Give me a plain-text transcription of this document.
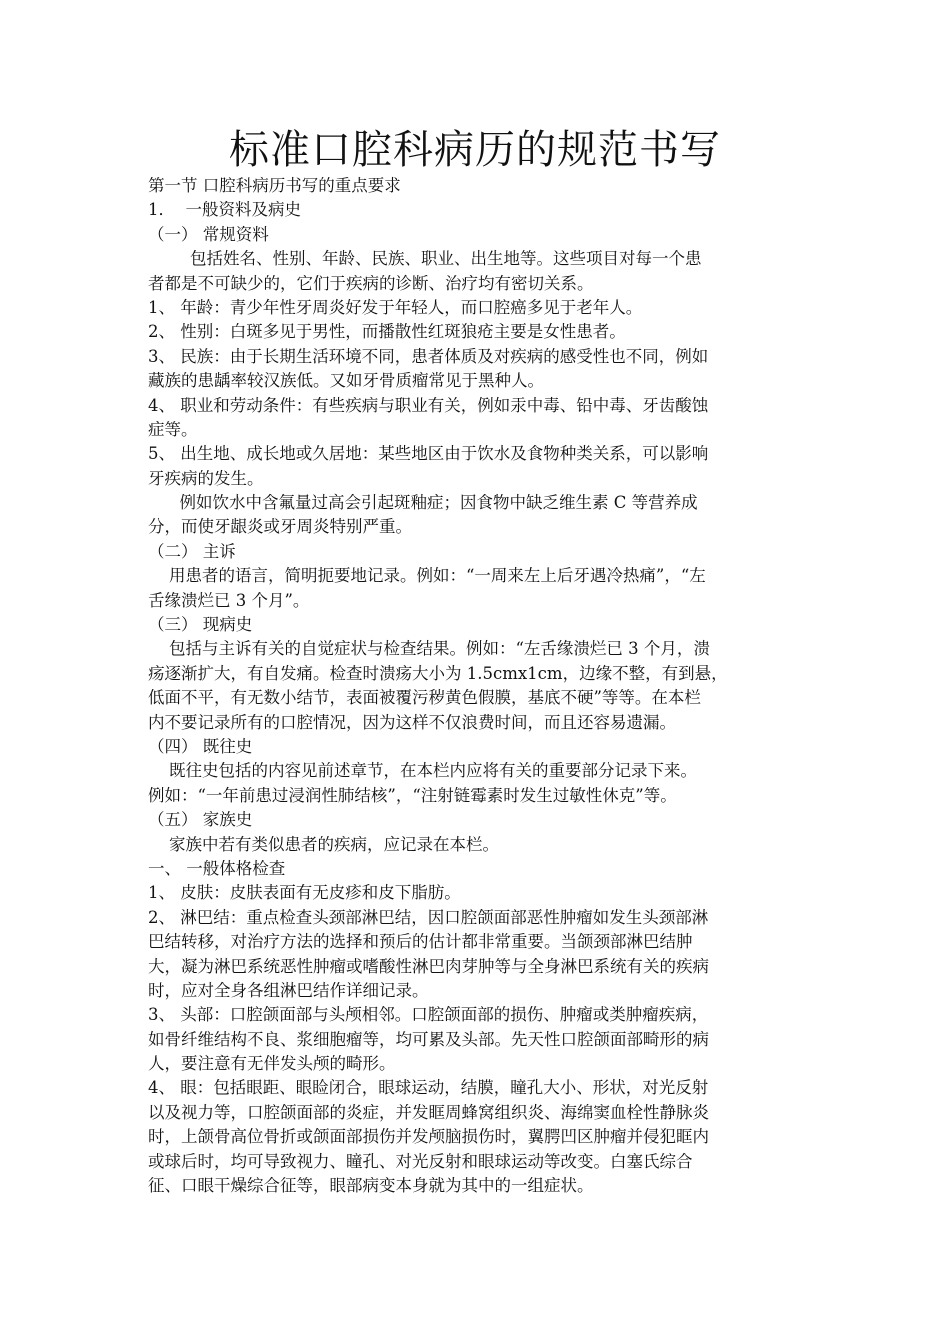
标准口腔科病历的规范书写
第一节 口腔科病历书写的重点要求
1．  一般资料及病史
（一） 常规资料
包括姓名、性别、年龄、民族、职业、出生地等。这些项目对每一个患
者都是不可缺少的，它们于疾病的诊断、治疗均有密切关系。
1、 年龄：青少年性牙周炎好发于年轻人，而口腔癌多见于老年人。
2、 性别：白斑多见于男性，而播散性红斑狼疮主要是女性患者。
3、 民族：由于长期生活环境不同，患者体质及对疾病的感受性也不同，例如
藏族的患龋率较汉族低。又如牙骨质瘤常见于黑种人。
4、 职业和劳动条件：有些疾病与职业有关，例如汞中毒、铅中毒、牙齿酸蚀
症等。
5、 出生地、成长地或久居地：某些地区由于饮水及食物种类关系，可以影响
牙疾病的发生。
例如饮水中含氟量过高会引起斑釉症；因食物中缺乏维生素 C 等营养成
分，而使牙龈炎或牙周炎特别严重。
（二） 主诉
用患者的语言，简明扼要地记录。例如：“一周来左上后牙遇冷热痛”，“左
舌缘溃烂已 3 个月”。
（三） 现病史
包括与主诉有关的自觉症状与检查结果。例如：“左舌缘溃烂已 3 个月，溃
疡逐渐扩大，有自发痛。检查时溃疡大小为 1.5cmx1cm，边缘不整，有到悬，
低面不平，有无数小结节，表面被覆污秽黄色假膜，基底不硬”等等。在本栏
内不要记录所有的口腔情况，因为这样不仅浪费时间，而且还容易遗漏。
（四） 既往史
既往史包括的内容见前述章节，在本栏内应将有关的重要部分记录下来。
例如：“一年前患过浸润性肺结核”，“注射链霉素时发生过敏性休克”等。
（五） 家族史
家族中若有类似患者的疾病，应记录在本栏。
一、 一般体格检查
1、 皮肤：皮肤表面有无皮疹和皮下脂肪。
2、 淋巴结：重点检查头颈部淋巴结，因口腔颌面部恶性肿瘤如发生头颈部淋
巴结转移，对治疗方法的选择和预后的估计都非常重要。当颌颈部淋巴结肿
大，凝为淋巴系统恶性肿瘤或嗜酸性淋巴肉芽肿等与全身淋巴系统有关的疾病
时，应对全身各组淋巴结作详细记录。
3、 头部：口腔颌面部与头颅相邻。口腔颌面部的损伤、肿瘤或类肿瘤疾病，
如骨纤维结构不良、浆细胞瘤等，均可累及头部。先天性口腔颌面部畸形的病
人，要注意有无伴发头颅的畸形。
4、 眼：包括眼距、眼睑闭合，眼球运动，结膜，瞳孔大小、形状，对光反射
以及视力等，口腔颌面部的炎症，并发眶周蜂窝组织炎、海绵窦血栓性静脉炎
时，上颌骨高位骨折或颌面部损伤并发颅脑损伤时，翼腭凹区肿瘤并侵犯眶内
或球后时，均可导致视力、瞳孔、对光反射和眼球运动等改变。白塞氏综合
征、口眼干燥综合征等，眼部病变本身就为其中的一组症状。
